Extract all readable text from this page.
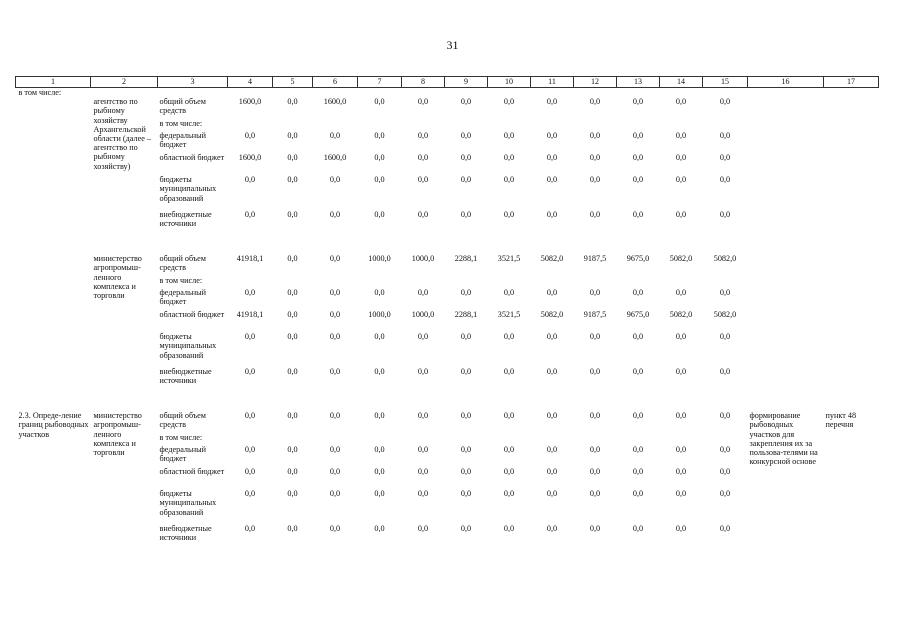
31
1	2	3	4	5	6	7	8	9	10	11	12	13	14	15	16	17
в том числе:																
	агентство по рыбному хозяйству Архангельской области (далее – агентство по рыбному хозяйству)	общий объем средств	1600,0	0,0	1600,0	0,0	0,0	0,0	0,0	0,0	0,0	0,0	0,0	0,0		
		в том числе:														
		федеральный бюджет	0,0	0,0	0,0	0,0	0,0	0,0	0,0	0,0	0,0	0,0	0,0	0,0		
		областной бюджет	1600,0	0,0	1600,0	0,0	0,0	0,0	0,0	0,0	0,0	0,0	0,0	0,0		
		бюджеты муниципальных образований	0,0	0,0	0,0	0,0	0,0	0,0	0,0	0,0	0,0	0,0	0,0	0,0		
		внебюджетные источники	0,0	0,0	0,0	0,0	0,0	0,0	0,0	0,0	0,0	0,0	0,0	0,0		

	министерство агропромыш-ленного комплекса и торговли	общий объем средств	41918,1	0,0	0,0	1000,0	1000,0	2288,1	3521,5	5082,0	9187,5	9675,0	5082,0	5082,0		
		в том числе:														
		федеральный бюджет	0,0	0,0	0,0	0,0	0,0	0,0	0,0	0,0	0,0	0,0	0,0	0,0		
		областной бюджет	41918,1	0,0	0,0	1000,0	1000,0	2288,1	3521,5	5082,0	9187,5	9675,0	5082,0	5082,0		
		бюджеты муниципальных образований	0,0	0,0	0,0	0,0	0,0	0,0	0,0	0,0	0,0	0,0	0,0	0,0		
		внебюджетные источники	0,0	0,0	0,0	0,0	0,0	0,0	0,0	0,0	0,0	0,0	0,0	0,0		

2.3. Опреде-ление границ рыбоводных участков	министерство агропромыш-ленного комплекса и торговли	общий объем средств	0,0	0,0	0,0	0,0	0,0	0,0	0,0	0,0	0,0	0,0	0,0	0,0	формирование рыбоводных участков для закрепления их за пользова-телями на конкурсной основе	пункт 48 перечня
		в том числе:														
		федеральный бюджет	0,0	0,0	0,0	0,0	0,0	0,0	0,0	0,0	0,0	0,0	0,0	0,0		
		областной бюджет	0,0	0,0	0,0	0,0	0,0	0,0	0,0	0,0	0,0	0,0	0,0	0,0		
		бюджеты муниципальных образований	0,0	0,0	0,0	0,0	0,0	0,0	0,0	0,0	0,0	0,0	0,0	0,0		
		внебюджетные источники	0,0	0,0	0,0	0,0	0,0	0,0	0,0	0,0	0,0	0,0	0,0	0,0		
